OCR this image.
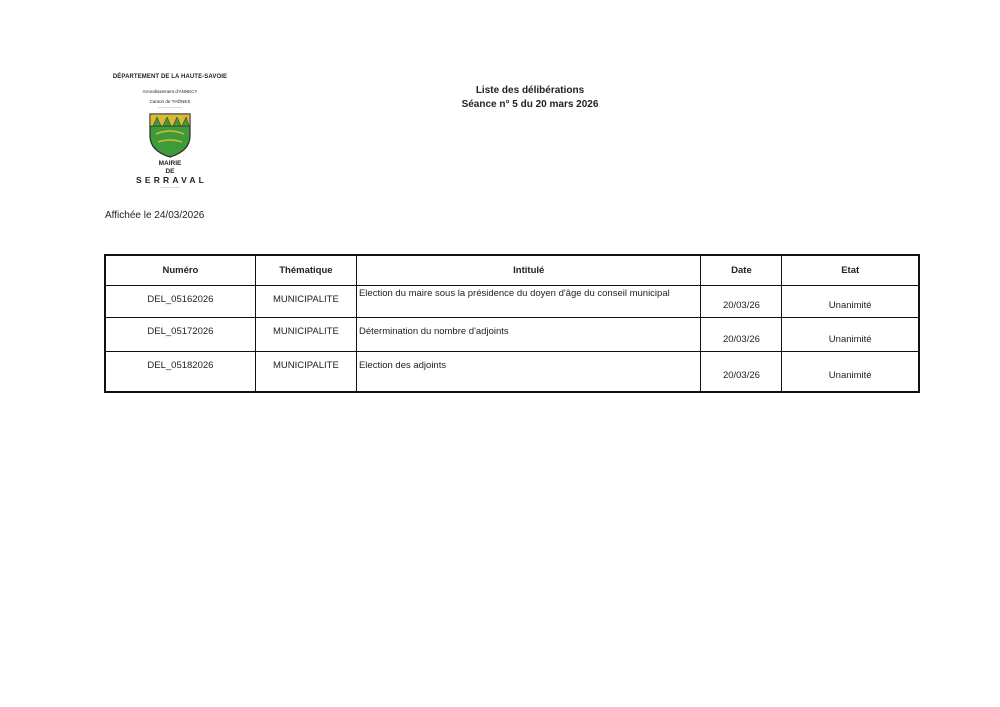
DÉPARTEMENT DE LA HAUTE-SAVOIE
Arrondissement d'ANNECY
Canton de THÔNES
MAIRIE
DE
SERRAVAL
Liste des délibérations
Séance n° 5 du 20 mars 2026
Affichée le 24/03/2026
Numéro	Thématique	Intitulé	Date	Etat
DEL_05162026	MUNICIPALITE	Election du maire sous la présidence du doyen d'âge du conseil municipal	20/03/26	Unanimité
DEL_05172026	MUNICIPALITE	Détermination du nombre d'adjoints	20/03/26	Unanimité
DEL_05182026	MUNICIPALITE	Election des adjoints	20/03/26	Unanimité
